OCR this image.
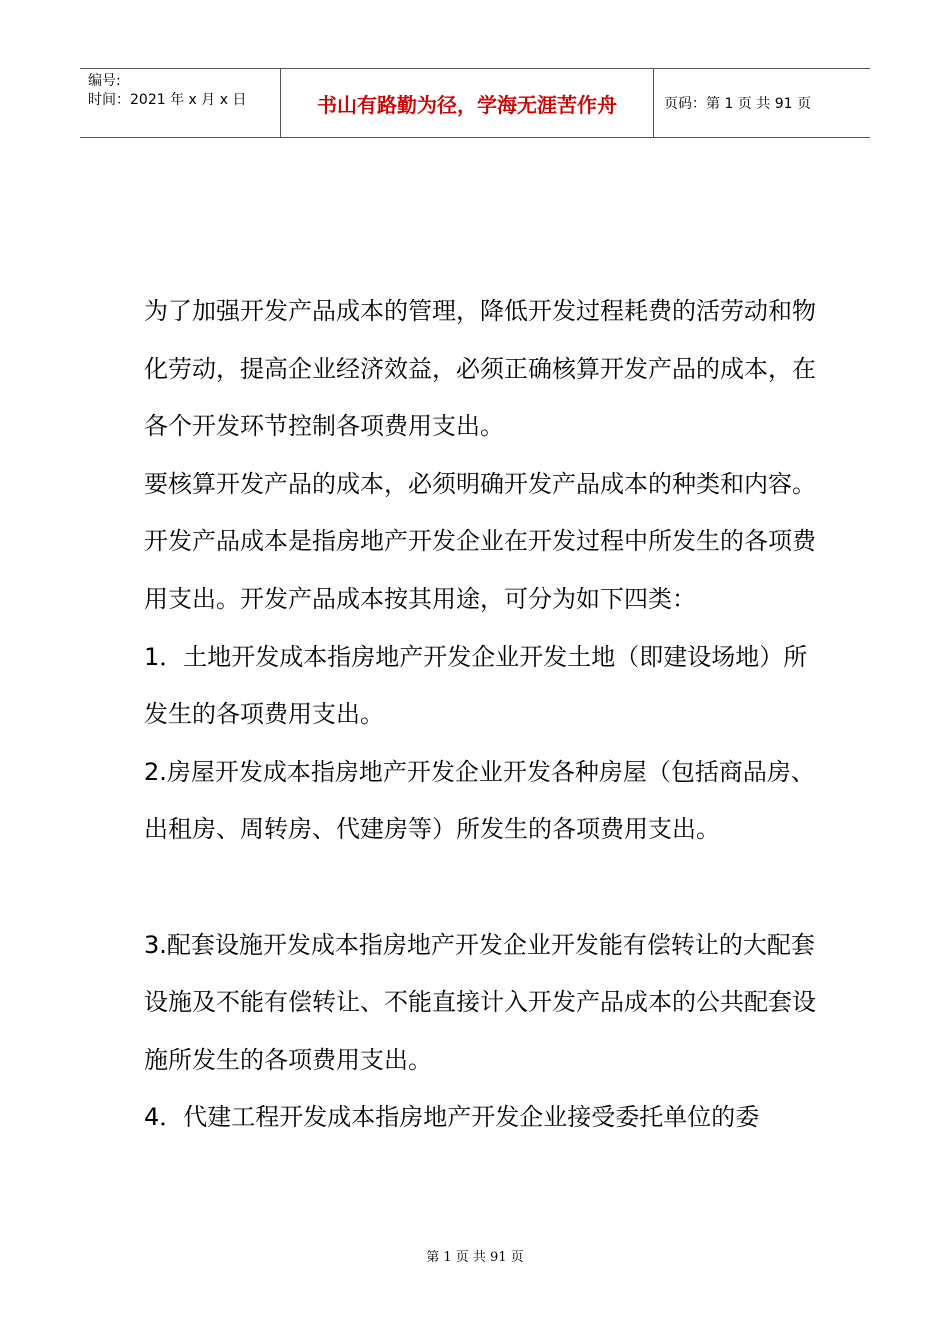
编号:
时间：2021 年 x 月 x 日	书山有路勤为径，学海无涯苦作舟	页码：第 1 页 共 91 页

为了加强开发产品成本的管理，降低开发过程耗费的活劳动和物化劳动，提高企业经济效益，必须正确核算开发产品的成本，在各个开发环节控制各项费用支出。

要核算开发产品的成本，必须明确开发产品成本的种类和内容。开发产品成本是指房地产开发企业在开发过程中所发生的各项费用支出。开发产品成本按其用途，可分为如下四类：

1．土地开发成本指房地产开发企业开发土地（即建设场地）所发生的各项费用支出。

2.房屋开发成本指房地产开发企业开发各种房屋（包括商品房、出租房、周转房、代建房等）所发生的各项费用支出。

3.配套设施开发成本指房地产开发企业开发能有偿转让的大配套设施及不能有偿转让、不能直接计入开发产品成本的公共配套设施所发生的各项费用支出。

4．代建工程开发成本指房地产开发企业接受委托单位的委

第 1 页 共 91 页
